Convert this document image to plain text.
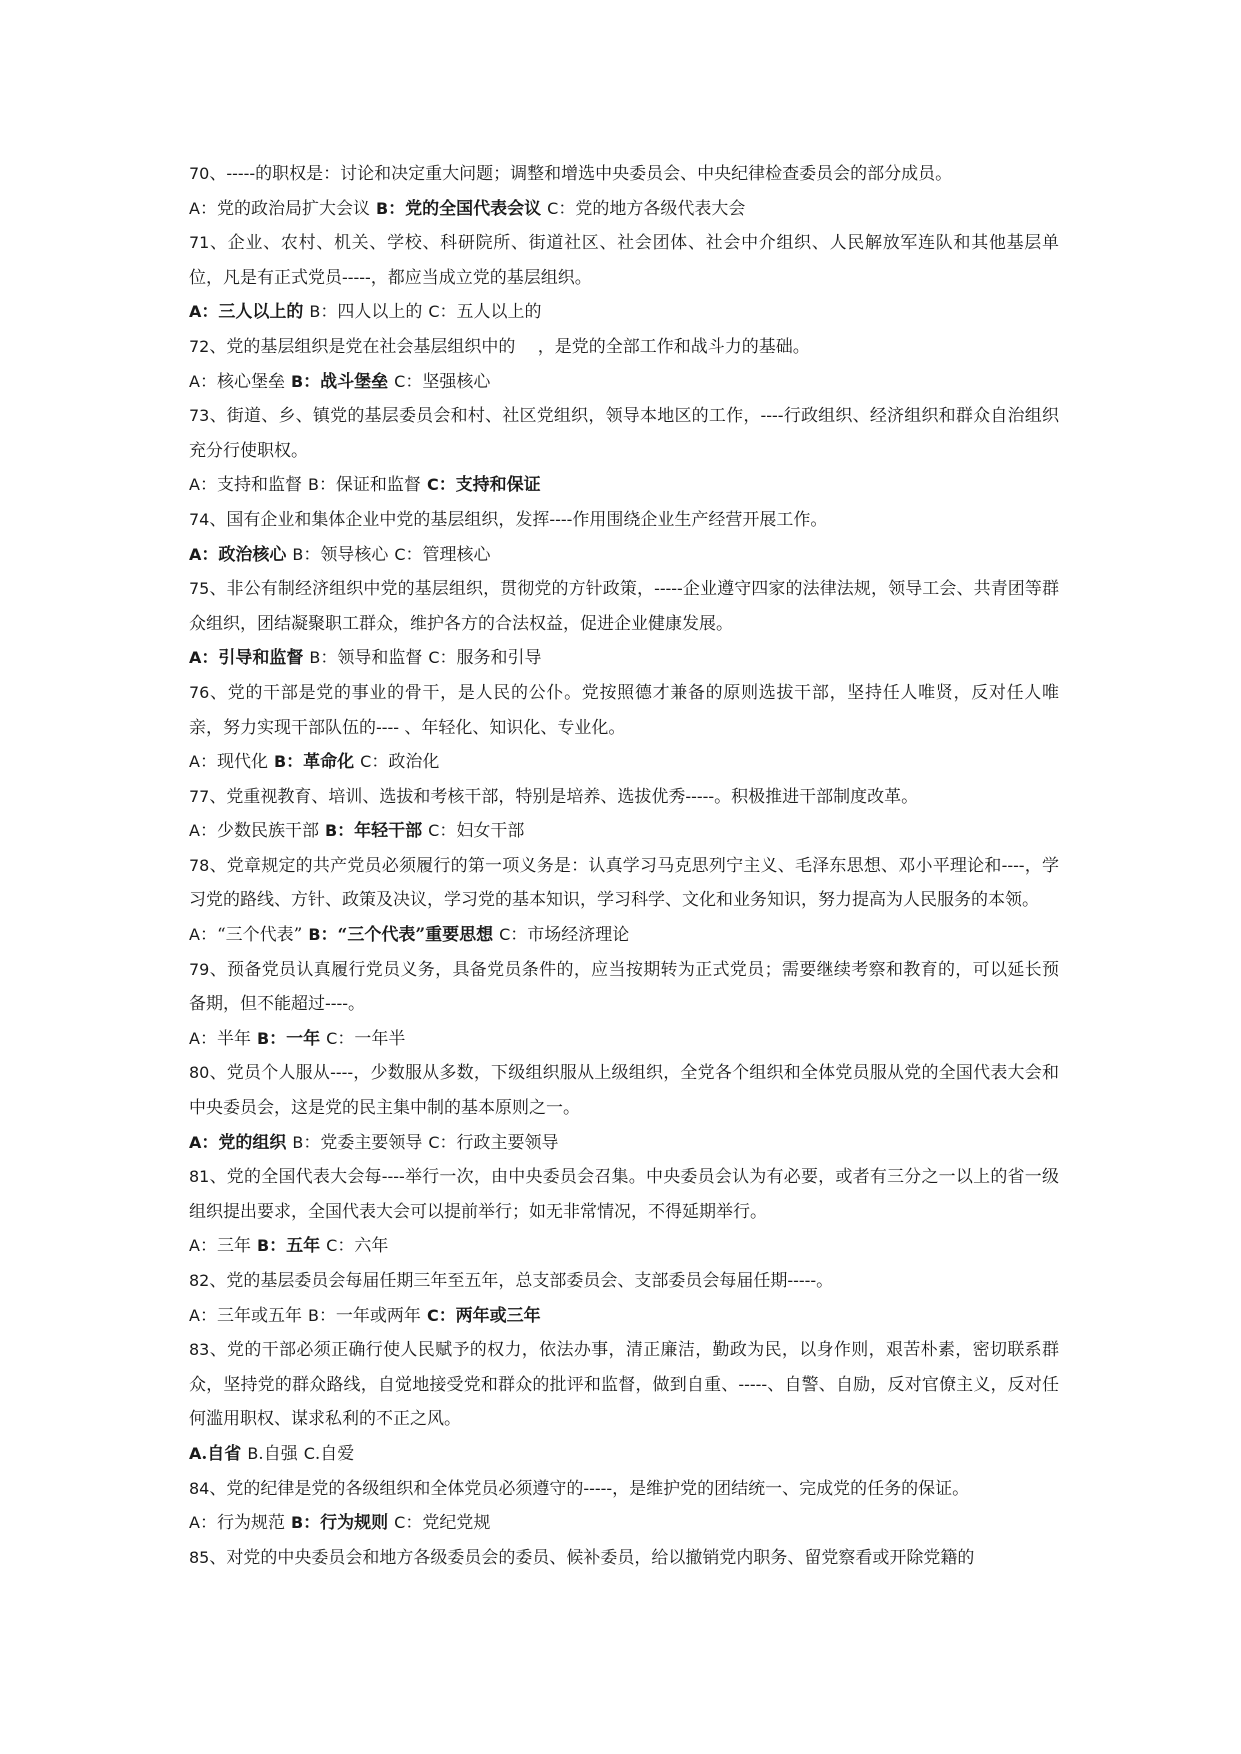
70、-----的职权是：讨论和决定重大问题；调整和增选中央委员会、中央纪律检查委员会的部分成员。

A：党的政治局扩大会议 B：党的全国代表会议 C：党的地方各级代表大会

71、企业、农村、机关、学校、科研院所、街道社区、社会团体、社会中介组织、人民解放军连队和其他基层单位，凡是有正式党员-----，都应当成立党的基层组织。

A：三人以上的 B：四人以上的 C：五人以上的

72、党的基层组织是党在社会基层组织中的　 ，是党的全部工作和战斗力的基础。

A：核心堡垒 B：战斗堡垒 C：坚强核心

73、街道、乡、镇党的基层委员会和村、社区党组织，领导本地区的工作，----行政组织、经济组织和群众自治组织充分行使职权。

A：支持和监督 B：保证和监督 C：支持和保证

74、国有企业和集体企业中党的基层组织，发挥----作用围绕企业生产经营开展工作。

A：政治核心 B：领导核心 C：管理核心

75、非公有制经济组织中党的基层组织，贯彻党的方针政策，-----企业遵守四家的法律法规，领导工会、共青团等群众组织，团结凝聚职工群众，维护各方的合法权益，促进企业健康发展。

A：引导和监督 B：领导和监督 C：服务和引导

76、党的干部是党的事业的骨干，是人民的公仆。党按照德才兼备的原则选拔干部，坚持任人唯贤，反对任人唯亲，努力实现干部队伍的---- 、年轻化、知识化、专业化。

A：现代化 B：革命化 C：政治化

77、党重视教育、培训、选拔和考核干部，特别是培养、选拔优秀-----。积极推进干部制度改革。

A：少数民族干部 B：年轻干部 C：妇女干部

78、党章规定的共产党员必须履行的第一项义务是：认真学习马克思列宁主义、毛泽东思想、邓小平理论和----，学习党的路线、方针、政策及决议，学习党的基本知识，学习科学、文化和业务知识，努力提高为人民服务的本领。

A：“三个代表” B：“三个代表”重要思想 C：市场经济理论

79、预备党员认真履行党员义务，具备党员条件的，应当按期转为正式党员；需要继续考察和教育的，可以延长预备期，但不能超过----。

A：半年 B：一年 C：一年半

80、党员个人服从----，少数服从多数，下级组织服从上级组织，全党各个组织和全体党员服从党的全国代表大会和中央委员会，这是党的民主集中制的基本原则之一。

A：党的组织 B：党委主要领导 C：行政主要领导

81、党的全国代表大会每----举行一次，由中央委员会召集。中央委员会认为有必要，或者有三分之一以上的省一级组织提出要求，全国代表大会可以提前举行；如无非常情况，不得延期举行。

A：三年 B：五年 C：六年

82、党的基层委员会每届任期三年至五年，总支部委员会、支部委员会每届任期-----。

A：三年或五年 B：一年或两年 C：两年或三年

83、党的干部必须正确行使人民赋予的权力，依法办事，清正廉洁，勤政为民，以身作则，艰苦朴素，密切联系群众，坚持党的群众路线，自觉地接受党和群众的批评和监督，做到自重、-----、自警、自励，反对官僚主义，反对任何滥用职权、谋求私利的不正之风。

A.自省 B.自强 C.自爱

84、党的纪律是党的各级组织和全体党员必须遵守的-----，是维护党的团结统一、完成党的任务的保证。

A：行为规范 B：行为规则 C：党纪党规

85、对党的中央委员会和地方各级委员会的委员、候补委员，给以撤销党内职务、留党察看或开除党籍的
